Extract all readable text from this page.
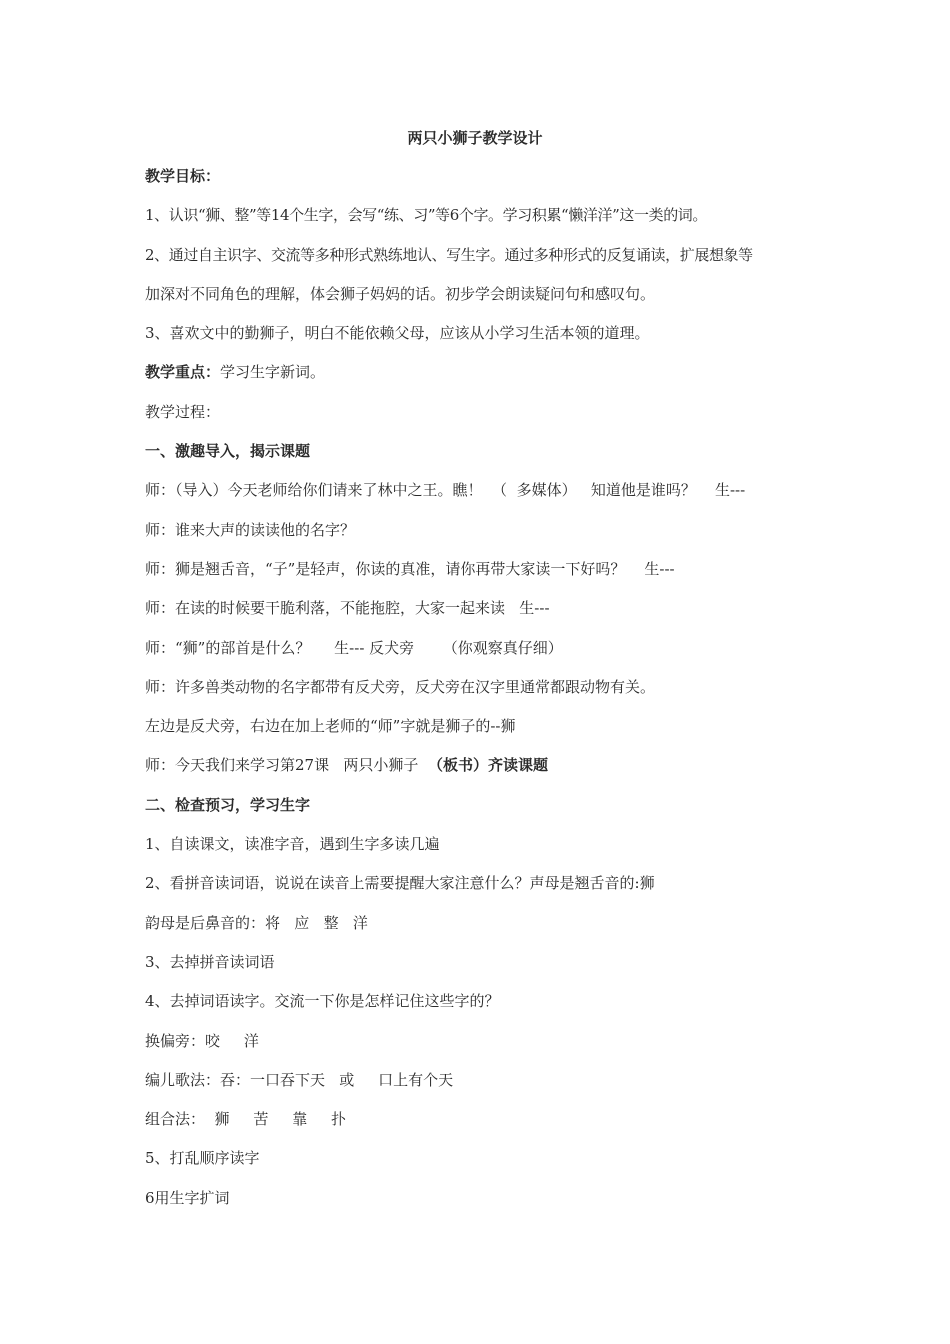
两只小狮子教学设计
教学目标：
1、认识“狮、整”等14个生字，会写“练、习”等6个字。学习积累“懒洋洋”这一类的词。
2、通过自主识字、交流等多种形式熟练地认、写生字。通过多种形式的反复诵读，扩展想象等
加深对不同角色的理解，体会狮子妈妈的话。初步学会朗读疑问句和感叹句。
3、喜欢文中的勤狮子，明白不能依赖父母，应该从小学习生活本领的道理。
教学重点：学习生字新词。
教学过程：
一、激趣导入，揭示课题
师：（导入）今天老师给你们请来了林中之王。瞧！  （  多媒体）   知道他是谁吗？    生---
师：谁来大声的读读他的名字？
师：狮是翘舌音，“子”是轻声，你读的真准，请你再带大家读一下好吗？    生---
师：在读的时候要干脆利落，不能拖腔，大家一起来读   生---
师：“狮”的部首是什么？     生--- 反犬旁      （你观察真仔细）
师：许多兽类动物的名字都带有反犬旁，反犬旁在汉字里通常都跟动物有关。
左边是反犬旁，右边在加上老师的“师”字就是狮子的--狮
师：今天我们来学习第27课   两只小狮子  （板书）齐读课题
二、检查预习，学习生字
1、自读课文，读准字音，遇到生字多读几遍
2、看拼音读词语，说说在读音上需要提醒大家注意什么？声母是翘舌音的:狮
韵母是后鼻音的：将   应   整   洋
3、去掉拼音读词语
4、去掉词语读字。交流一下你是怎样记住这些字的？
换偏旁：咬     洋
编儿歌法：吞：一口吞下天   或     口上有个天
组合法：  狮     苦     靠     扑
5、打乱顺序读字
6用生字扩词
